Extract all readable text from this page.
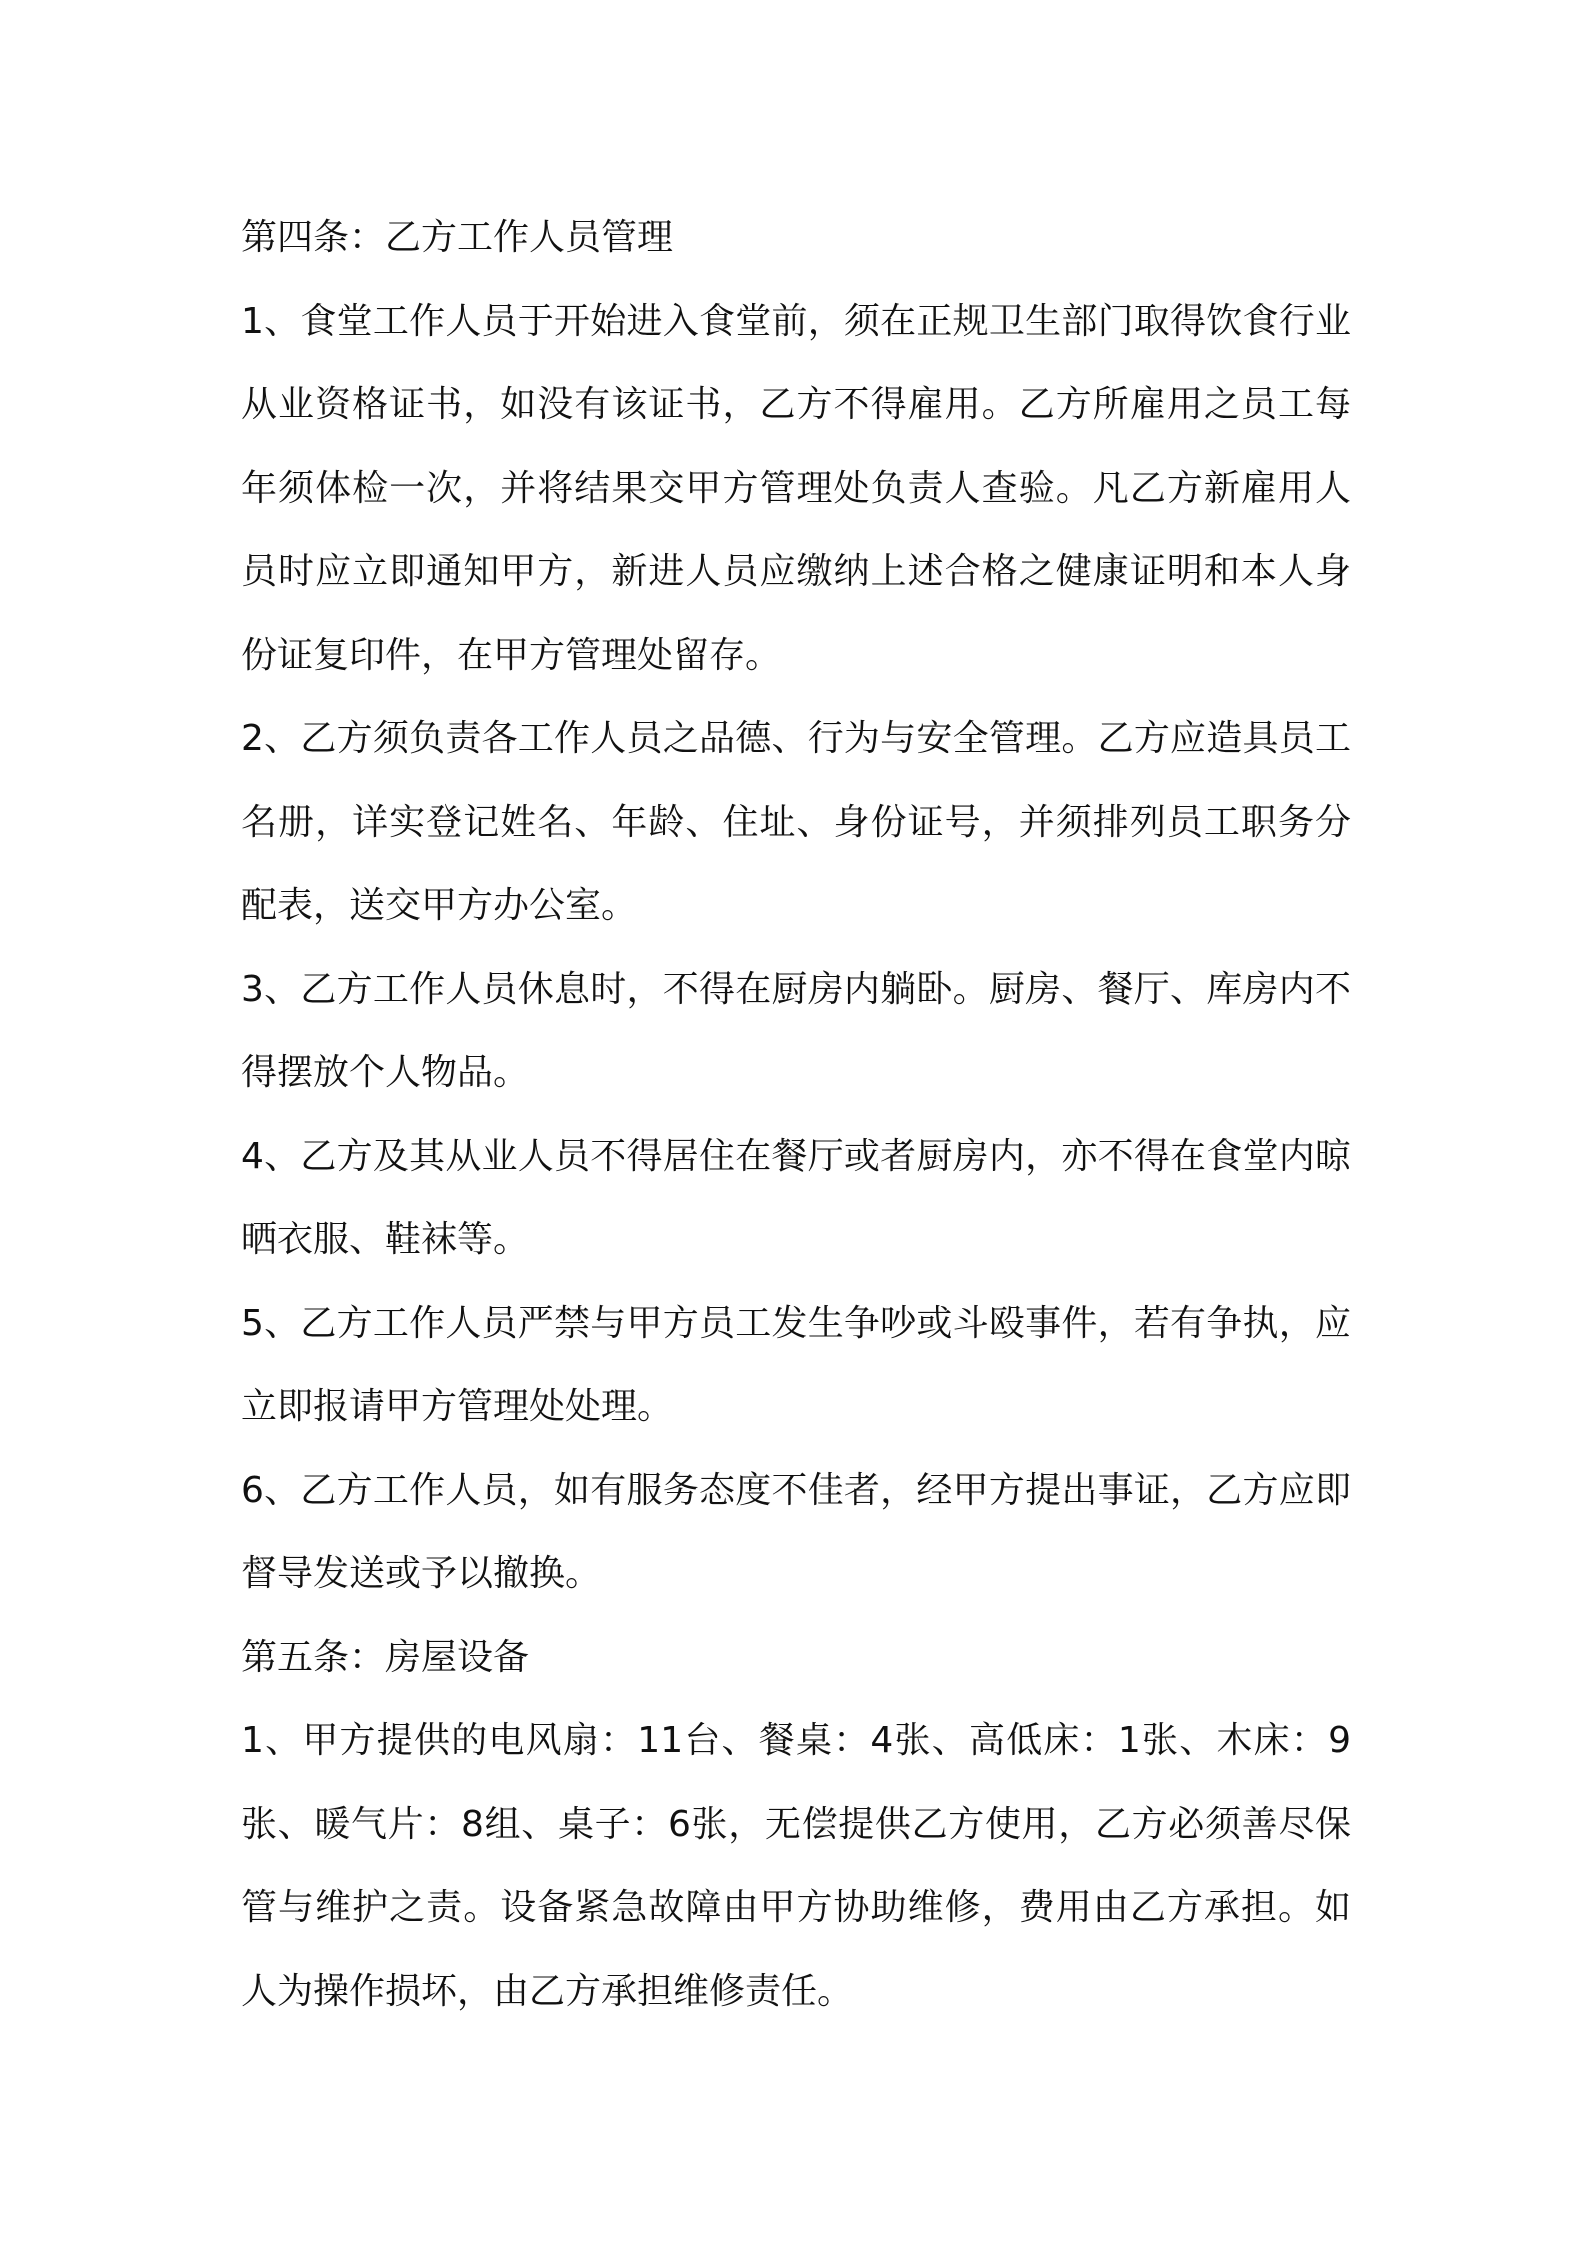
第四条：乙方工作人员管理

1、食堂工作人员于开始进入食堂前，须在正规卫生部门取得饮食行业从业资格证书，如没有该证书，乙方不得雇用。乙方所雇用之员工每年须体检一次，并将结果交甲方管理处负责人查验。凡乙方新雇用人员时应立即通知甲方，新进人员应缴纳上述合格之健康证明和本人身份证复印件，在甲方管理处留存。

2、乙方须负责各工作人员之品德、行为与安全管理。乙方应造具员工名册，详实登记姓名、年龄、住址、身份证号，并须排列员工职务分配表，送交甲方办公室。

3、乙方工作人员休息时，不得在厨房内躺卧。厨房、餐厅、库房内不得摆放个人物品。

4、乙方及其从业人员不得居住在餐厅或者厨房内，亦不得在食堂内晾晒衣服、鞋袜等。

5、乙方工作人员严禁与甲方员工发生争吵或斗殴事件，若有争执，应立即报请甲方管理处处理。

6、乙方工作人员，如有服务态度不佳者，经甲方提出事证，乙方应即督导发送或予以撤换。

第五条：房屋设备

1、甲方提供的电风扇：11台、餐桌：4张、高低床：1张、木床：9张、暖气片：8组、桌子：6张，无偿提供乙方使用，乙方必须善尽保管与维护之责。设备紧急故障由甲方协助维修，费用由乙方承担。如人为操作损坏，由乙方承担维修责任。
